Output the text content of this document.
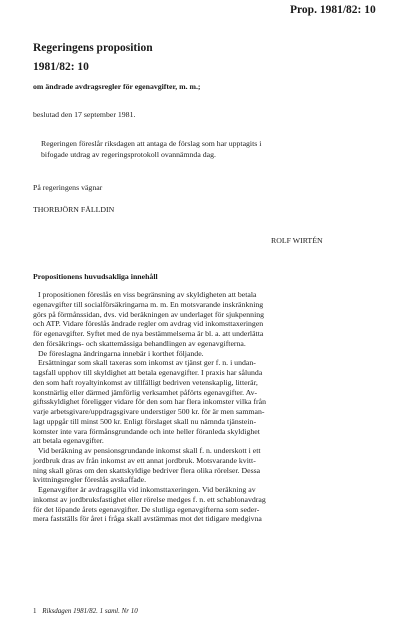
Prop. 1981/82: 10
Regeringens proposition
1981/82: 10
om ändrade avdragsregler för egenavgifter, m. m.;
beslutad den 17 september 1981.
Regeringen föreslår riksdagen att antaga de förslag som har upptagits i
bifogade utdrag av regeringsprotokoll ovannämnda dag.
På regeringens vägnar
THORBJÖRN FÄLLDIN
ROLF WIRTÉN
Propositionens huvudsakliga innehåll
I propositionen föreslås en viss begränsning av skyldigheten att betala
egenavgifter till socialförsäkringarna m. m. En motsvarande inskränkning
görs på förmånssidan, dvs. vid beräkningen av underlaget för sjukpenning
och ATP. Vidare föreslås ändrade regler om avdrag vid inkomsttaxeringen
för egenavgifter. Syftet med de nya bestämmelserna är bl. a. att underlätta
den försäkrings- och skattemässiga behandlingen av egenavgifterna.
De föreslagna ändringarna innebär i korthet följande.
Ersättningar som skall taxeras som inkomst av tjänst ger f. n. i undan-
tagsfall upphov till skyldighet att betala egenavgifter. I praxis har sålunda
den som haft royaltyinkomst av tillfälligt bedriven vetenskaplig, litterär,
konstnärlig eller därmed jämförlig verksamhet påförts egenavgifter. Av-
giftsskyldighet föreligger vidare för den som har flera inkomster vilka från
varje arbetsgivare/uppdragsgivare understiger 500 kr. för är men samman-
lagt uppgår till minst 500 kr. Enligt förslaget skall nu nämnda tjänstein-
komster inte vara förmånsgrundande och inte heller föranleda skyldighet
att betala egenavgifter.
Vid beräkning av pensionsgrundande inkomst skall f. n. underskott i ett
jordbruk dras av från inkomst av ett annat jordbruk. Motsvarande kvitt-
ning skall göras om den skattskyldige bedriver flera olika rörelser. Dessa
kvittningsregler föreslås avskaffade.
Egenavgifter är avdragsgilla vid inkomsttaxeringen. Vid beräkning av
inkomst av jordbruksfastighet eller rörelse medges f. n. ett schablonavdrag
för det löpande årets egenavgifter. De slutliga egenavgifterna som seder-
mera fastställs för året i fråga skall avstämmas mot det tidigare medgivna
1 Riksdagen 1981/82. 1 saml. Nr 10
